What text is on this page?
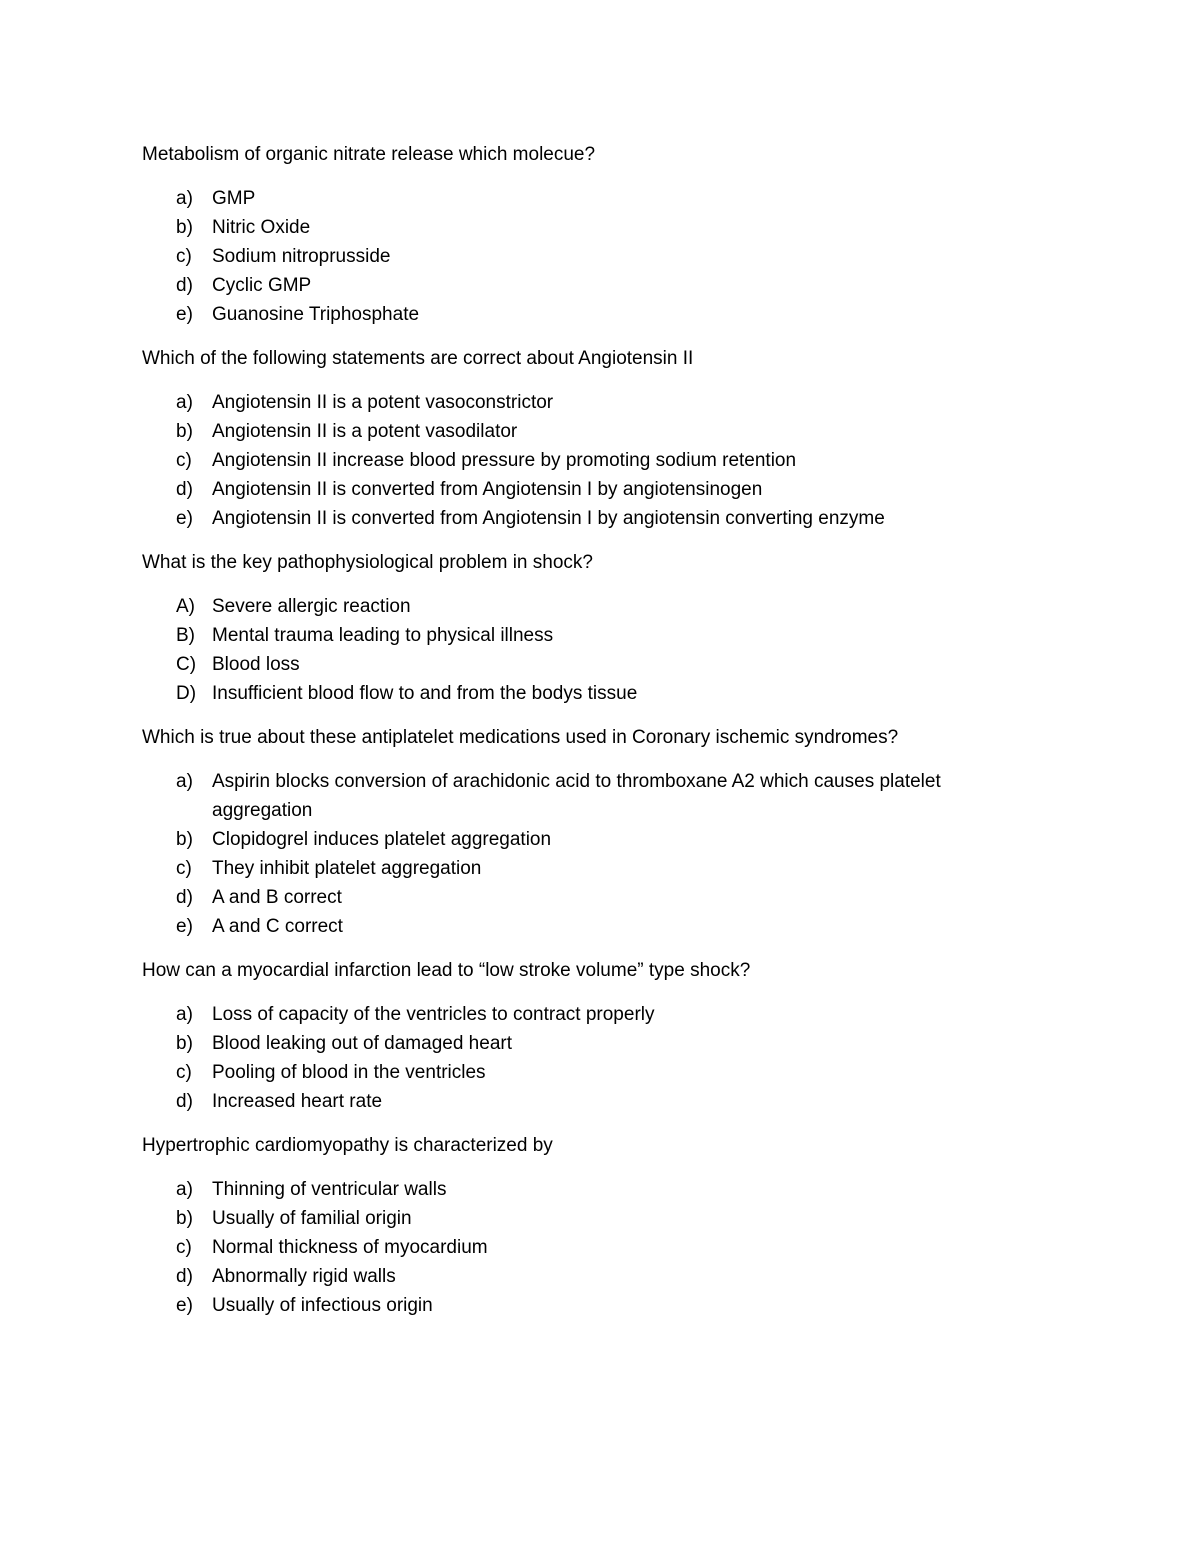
Metabolism of organic nitrate release which molecue?

a)	GMP
b)	Nitric Oxide
c)	Sodium nitroprusside
d)	Cyclic GMP
e)	Guanosine Triphosphate

Which of the following statements are correct about Angiotensin II

a)	Angiotensin II is a potent vasoconstrictor
b)	Angiotensin II is a potent vasodilator
c)	Angiotensin II increase blood pressure by promoting sodium retention
d)	Angiotensin II is converted from Angiotensin I by angiotensinogen
e)	Angiotensin II is converted from Angiotensin I by angiotensin converting enzyme

What is the key pathophysiological problem in shock?

A) Severe allergic reaction
B) Mental trauma leading to physical illness
C) Blood loss
D) Insufficient blood flow to and from the bodys tissue

Which is true about these antiplatelet medications used in Coronary ischemic syndromes?

a)	Aspirin blocks conversion of arachidonic acid to thromboxane A2 which causes platelet aggregation
b)	Clopidogrel induces platelet aggregation
c)	They inhibit platelet aggregation
d)	A and B correct
e)	A and C correct

How can a myocardial infarction lead to “low stroke volume” type shock?

a)	Loss of capacity of the ventricles to contract properly
b)	Blood leaking out of damaged heart
c)	Pooling of blood in the ventricles
d)	Increased heart rate

Hypertrophic cardiomyopathy is characterized by

a)	Thinning of ventricular walls
b)	Usually of familial origin
c)	Normal thickness of myocardium
d)	Abnormally rigid walls
e)	Usually of infectious origin
